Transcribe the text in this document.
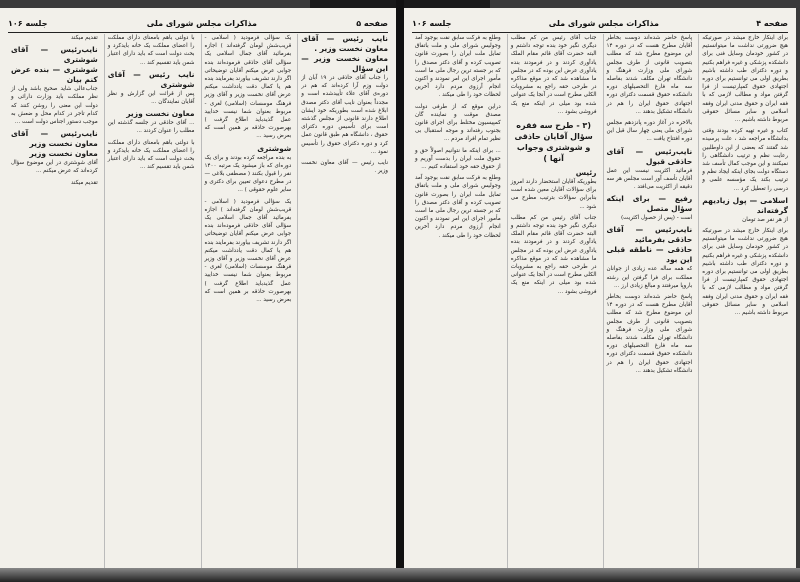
صفحه ۵
مذاکرات مجلس شورای ملی
جلسه ۱۰۶
نایب رئیس — آقای معاون نخست وزیر .
معاون نخست وزیر — این سؤال
را جناب آقای حاذقی در ۱۹ آبان از دولت وزم آرا کرده‌اند که هم در دوره‌ی آقای علاء تأییدشده است و مجدداً بعنوان نایب آقای دکتر مصدق ابلاغ شده است بطوریکه خود ایشان اطلاع دارند قانونی از مجلس گذشته است برای تأسیس دوره دکترای حقوق ، دانشگاه هم طبق قانون عمل کرد و دوره دکترای حقوق را تأسیس نمود ...
نایب رئیس — آقای معاون نخست وزیر .
یک سؤالی فرمودید ( اسلامی - قریب‌شش لومان گرفته‌اند ) اجازه بفرمائید آقای جمال اسلامی یک سؤالی آقای حاذقی فرموده‌اند بنده جوابی عرض میکنم آقایان توضیحاتی اگر دارند تشریف بیاورند بفرمایند بنده هم یا کمال دقت یادداشت میکنم عرض آقای نخست وزیر و آقای وزیر فرهنگ موسسات (اسلامی) لغری - مربوط بعنوان شما نیست خدایید عمل گذیدباید اطلاع گرفت ) بهرصورت حاذقه بر همین است که بعرض رسید ...
شوشتری
به بنده مراجعه کرده بودند و برای یک دوره‌ای که باز میشود یک مرتبه ۱۴۰۰ نفر را قبول بکنند ( مصطفی بلاغی — در مطرح دعوای تعیین برای دکتری و سایر علوم حقوقی ) ...
یک سؤالی فرمودید ( اسلامی - قریب‌شش لومان گرفته‌اند ) اجازه بفرمائید آقای جمال اسلامی یک سؤالی آقای حاذقی فرموده‌اند بنده جوابی عرض میکنم آقایان توضیحاتی اگر دارند تشریف بیاورند بفرمایند بنده هم یا کمال دقت یادداشت میکنم عرض آقای نخست وزیر و آقای وزیر فرهنگ موسسات (اسلامی) لغری - مربوط بعنوان شما نیست خدایید عمل گذیدباید اطلاع گرفت ) بهرصورت حاذقه بر همین است که بعرض رسید ...
با دولتی باهم بامعنای دارای مملکت را اعضای مملکت یک خانه بایدکرد و بحث دولت است که باید دارای اعتبار شمن باید تقسیم کند ...
نایب رئیس — آقای شوشتری
پس از قرائت این گزارش و نظر آقایان نمایندگان ...
معاون نخست وزیر
... آقای حاذقی در جلسه گذشته این مطلب را عنوان کردند ...
با دولتی باهم بامعنای دارای مملکت را اعضای مملکت یک خانه بایدکرد و بحث دولت است که باید دارای اعتبار شمن باید تقسیم کند ...
تقدیم میکند
نایب‌رئیس — آقای شوشتری
شوشتری — بنده عرض کنم بیان
جناب‌عالی شاید صحیح باشد ولی از نظر مملکت باید وزارت دارائی و دولت این معنی را روشن کنند که کدام تاجر در کدام محل و ضعش به موجب دستور اجناس دولت است ...
نایب‌رئیس — آقای معاون نخست وزیر
معاون نخست وزیر
آقای شوشتری در این موضوع سؤال کرده‌اند که عرض میکنم ...
تقدیم میکند
صفحه ۴
مذاکرات مجلس شورای ملی
جلسه ۱۰۶
برای اینکار خارج میشد در صورتیکه هیچ ضرورتی نداشت ما میتوانستیم در کشور خودمان وسایل فنی برای دانشکده پزشکی و غیره فراهم بکنیم و دوره دکترای طب داشته باشیم بطریق اولی می توانستیم برای دوره اجتهادی حقوق کمپارتیست از فرا گرفتن مواد و مطالب لازمی که با فقه ایران و حقوق مدنی ایران وفقه اسلامی و سایر مسائل حقوقی مربوط داشته باشیم ...
کتاب و غیره تهیه کرده بودند وقتی بدانشگاه مراجعه شد ، علت پرسیده شد گفتند که بعضی از این داوطلبین رعایت نظم و ترتیب دانشگاهی را نمیکنند و این موجب کمال تأسف شد دستگاه دولت بجای اینکه ایجاد نظم و ترتیب بکند یک مؤسسه علمی و درسی را تعطیل کرد ...
اسلامی — پول زیادیهم گرفته‌اند
از هر نفر صد تومان
برای اینکار خارج میشد در صورتیکه هیچ ضرورتی نداشت ما میتوانستیم در کشور خودمان وسایل فنی برای دانشکده پزشکی و غیره فراهم بکنیم و دوره دکترای طب داشته باشیم بطریق اولی می توانستیم برای دوره اجتهادی حقوق کمپارتیست از فرا گرفتن مواد و مطالب لازمی که با فقه ایران و حقوق مدنی ایران وفقه اسلامی و سایر مسائل حقوقی مربوط داشته باشیم ...
پاسخ حاضر شده‌اند دوست بخاطر آقایان مطرح هست که در دوره ۱۴ این موضوع مطرح شد که مطلب بتصویب قانونی از طرف مجلس شورای ملی وزارت فرهنگ و دانشگاه تهران مکلف شدند بفاصله سه ماه فارغ التحصیلهای دوره دانشکده حقوق قسمت دکترای دوره اجتهادی حقوق ایران را هم در دانشگاه تشکیل بدهند ...
بالاخره در آغاز دوره پانزدهم مجلس شورای ملی یعنی چهار سال قبل این دوره افتتاح یافت ...
نایب‌رئیس — آقای حاذقی قبول
فرمائید اکثریت نیست این عمل آقایان تأسف آور است مجلس هر سه دقیقه از اکثریت می‌افتد .
رفیع — برای اینکه سؤال متصل
است - (پس از حصول اکثریت)
نایب‌رئیس — آقای حاذقی بفرمائید
حاذقی — ناطقه قبلی این بود
که همه ساله عده زیادی از جوانان مملکت برای فرا گرفتن این رشته باروپا میرفتند و مبالغ زیادی ارز ...
پاسخ حاضر شده‌اند دوست بخاطر آقایان مطرح هست که در دوره ۱۴ این موضوع مطرح شد که مطلب بتصویب قانونی از طرف مجلس شورای ملی وزارت فرهنگ و دانشگاه تهران مکلف شدند بفاصله سه ماه فارغ التحصیلهای دوره دانشکده حقوق قسمت دکترای دوره اجتهادی حقوق ایران را هم در دانشگاه تشکیل بدهند ...
جناب آقای رئیس من کم مطلب دیگری نگیر خود بنده توجه داشتم و البته حضرت آقای قائم مقام الملک یادآوری کردند و در فرمودند بنده یادآوری عرض این بوده که در مجلس ما مشاهده شد که در موقع مذاکره در طرحی حقه راجع به مشروبات الکلی مطرح است در آنجا یک عنوانی شده بود میلی در اینکه منع یک فروشی بشود ...
(۳ - طرح سه فقره سؤال آقایان حاذقی و شوشتری وجواب آنها )
رئیس
بطوریکه آقایان استحضار دارند امروز برای سؤالات آقایان معین شده است بنابراین سؤالات بترتیب مطرح می شود ...
جناب آقای رئیس من کم مطلب دیگری نگیر خود بنده توجه داشتم و البته حضرت آقای قائم مقام الملک یادآوری کردند و در فرمودند بنده یادآوری عرض این بوده که در مجلس ما مشاهده شد که در موقع مذاکره در طرحی حقه راجع به مشروبات الکلی مطرح است در آنجا یک عنوانی شده بود میلی در اینکه منع یک فروشی بشود ...
وطلع به فرکت سابق نفت بوجود آمد وجولیس شورای ملی و ملت باتفاق تمایل ملت ایران را بصورت قانون تصویب کرده و آقای دکتر مصدق را که بر جسته ترین رجال ملی ما است مأمور اجرای این امر نمودند و اکنون انجام آرزوی مردم دارد آخرین لحظات خود را طی میکند .
دراین موقع که از طرفی دولت مصدق موقت و نماینده گان کمپیسیون مختلط برای اجرای قانون بجنوب رفته‌اند و موجه استقبال بی نظیر تمام افراد مردم ...
... برای اینکه ما نتوانیم اصولاً حق و حقوق ملت ایران را بدست آوریم و از حقوق حقه خود استفاده کنیم ...
وطلع به فرکت سابق نفت بوجود آمد وجولیس شورای ملی و ملت باتفاق تمایل ملت ایران را بصورت قانون تصویب کرده و آقای دکتر مصدق را که بر جسته ترین رجال ملی ما است مأمور اجرای این امر نمودند و اکنون انجام آرزوی مردم دارد آخرین لحظات خود را طی میکند .
